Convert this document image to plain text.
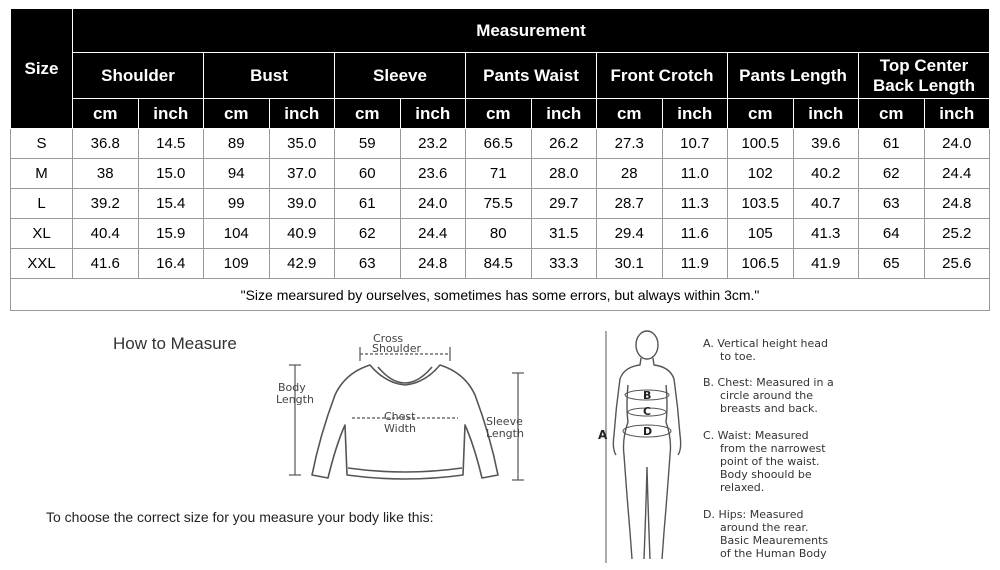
Size	Measurement													
	Shoulder		Bust		Sleeve		Pants Waist		Front Crotch		Pants Length		Top Center
Back Length	

	cm	inch	cm	inch	cm	inch	cm	inch	cm	inch	cm	inch	cm	inch
S	36.8	14.5	89	35.0	59	23.2	66.5	26.2	27.3	10.7	100.5	39.6	61	24.0
M	38	15.0	94	37.0	60	23.6	71	28.0	28	11.0	102	40.2	62	24.4
L	39.2	15.4	99	39.0	61	24.0	75.5	29.7	28.7	11.3	103.5	40.7	63	24.8
XL	40.4	15.9	104	40.9	62	24.4	80	31.5	29.4	11.6	105	41.3	64	25.2
XXL	41.6	16.4	109	42.9	63	24.8	84.5	33.3	30.1	11.9	106.5	41.9	65	25.6
"Size mearsured by ourselves, sometimes has some errors, but always within 3cm."														
How to Measure	Cross
Shoulder
Body
Length
Chest
Width
Sleeve
Length
To choose the correct size for you measure your body like this:
B
C
D
A
A. Vertical height head
to toe.
B. Chest: Measured in a
circle around the
breasts and back.
C. Waist: Measured
from the narrowest
point of the waist.
Body shoould be
relaxed.
D. Hips: Measured
around the rear.
Basic Meaurements
of the Human Body
